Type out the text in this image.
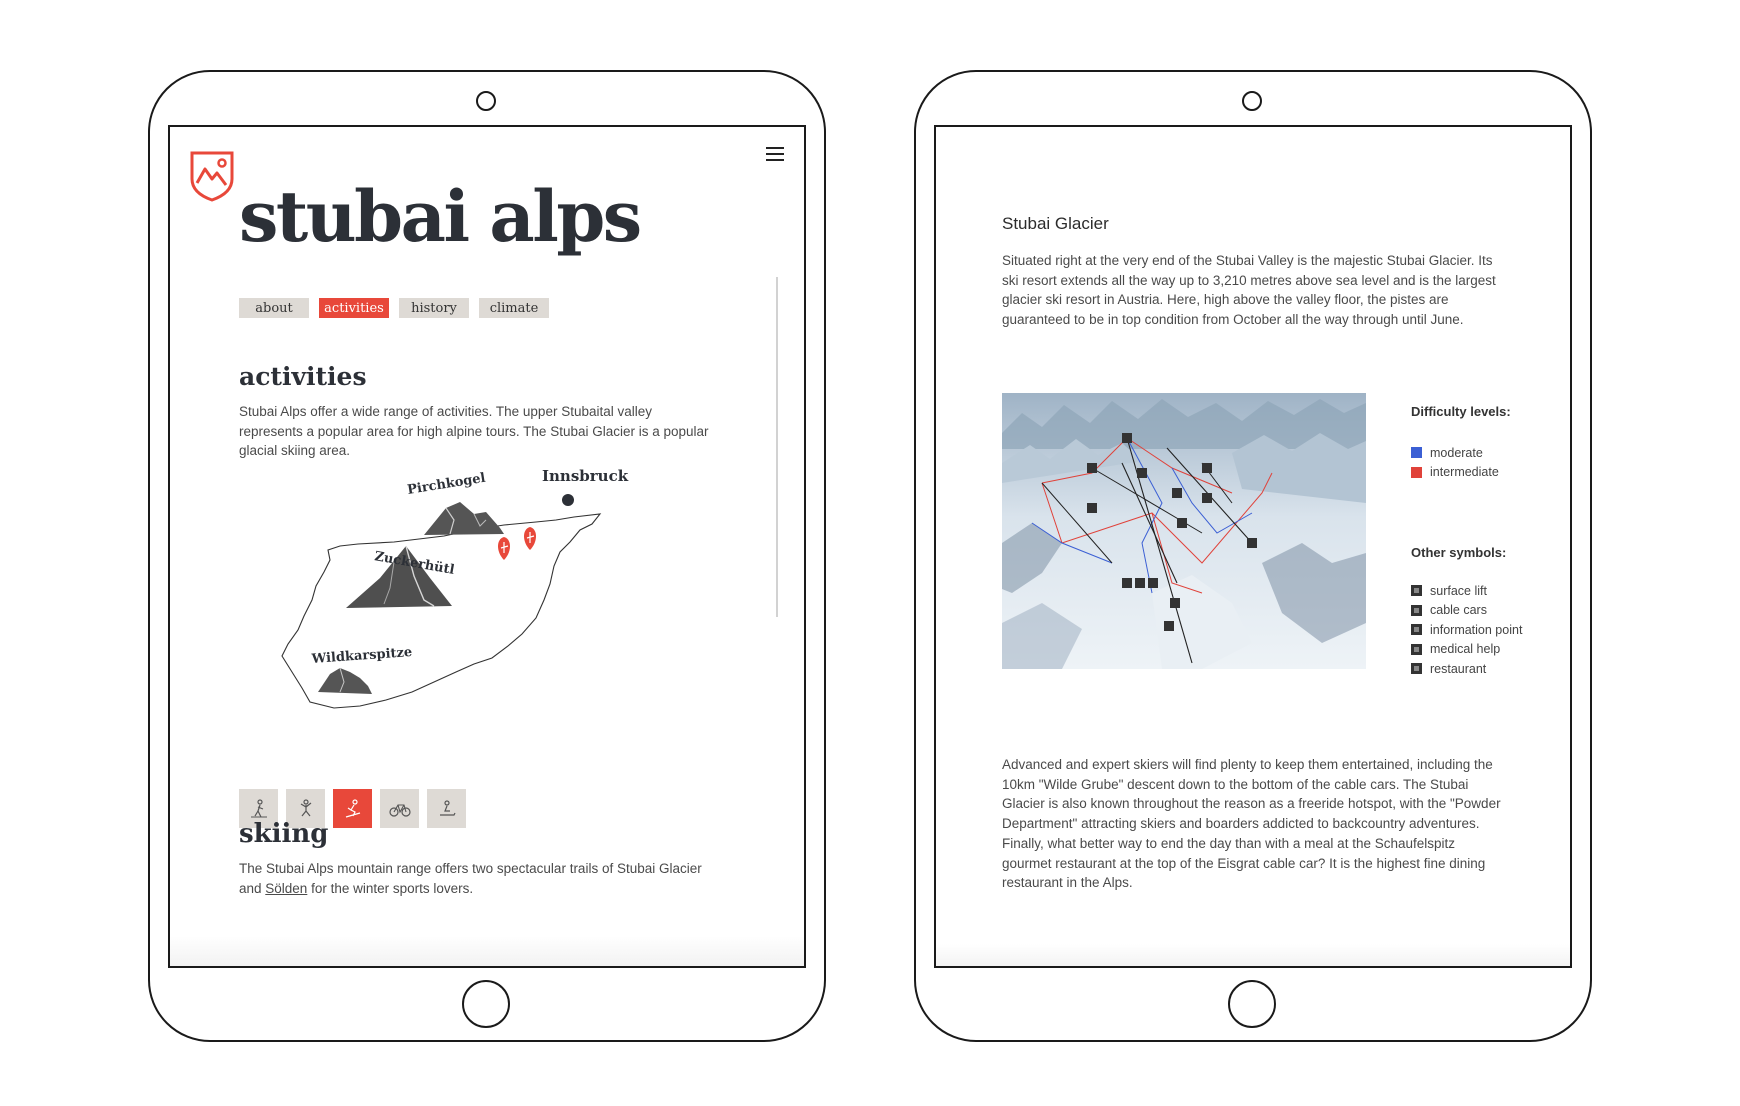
stubai alps
about	activities	history	climate
activities

Stubai Alps offer a wide range of activities. The upper Stubaital valley represents a popular area for high alpine tours. The Stubai Glacier is a popular glacial skiing area.

Pirchkogel	Innsbruck
Zuckerhütl
Wildkarspitze
skiing

The Stubai Alps mountain range offers two spectacular trails of Stubai Glacier and Sölden for the winter sports lovers.

Stubai Glacier

Situated right at the very end of the Stubai Valley is the majestic Stubai Glacier. Its ski resort extends all the way up to 3,210 metres above sea level and is the largest glacier ski resort in Austria. Here, high above the valley floor, the pistes are guaranteed to be in top condition from October all the way through until June.

Difficulty levels:

moderate
intermediate

Other symbols:

surface lift
cable cars
information point
medical help
restaurant

Advanced and expert skiers will find plenty to keep them entertained, including the 10km "Wilde Grube" descent down to the bottom of the cable cars. The Stubai Glacier is also known throughout the reason as a freeride hotspot, with the "Powder Department" attracting skiers and boarders addicted to backcountry adventures. Finally, what better way to end the day than with a meal at the Schaufelspitz gourmet restaurant at the top of the Eisgrat cable car? It is the highest fine dining restaurant in the Alps.
